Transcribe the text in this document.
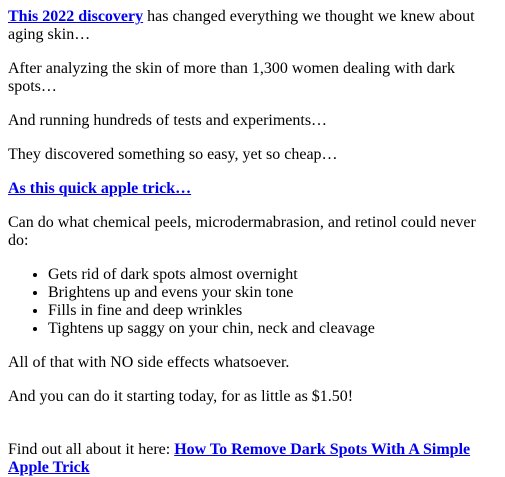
This 2022 discovery has changed everything we thought we knew about aging skin…

After analyzing the skin of more than 1,300 women dealing with dark spots…

And running hundreds of tests and experiments…

They discovered something so easy, yet so cheap…

As this quick apple trick…

Can do what chemical peels, microdermabrasion, and retinol could never do:

• Gets rid of dark spots almost overnight
• Brightens up and evens your skin tone
• Fills in fine and deep wrinkles
• Tightens up saggy on your chin, neck and cleavage

All of that with NO side effects whatsoever.

And you can do it starting today, for as little as $1.50!

Find out all about it here: How To Remove Dark Spots With A Simple Apple Trick
